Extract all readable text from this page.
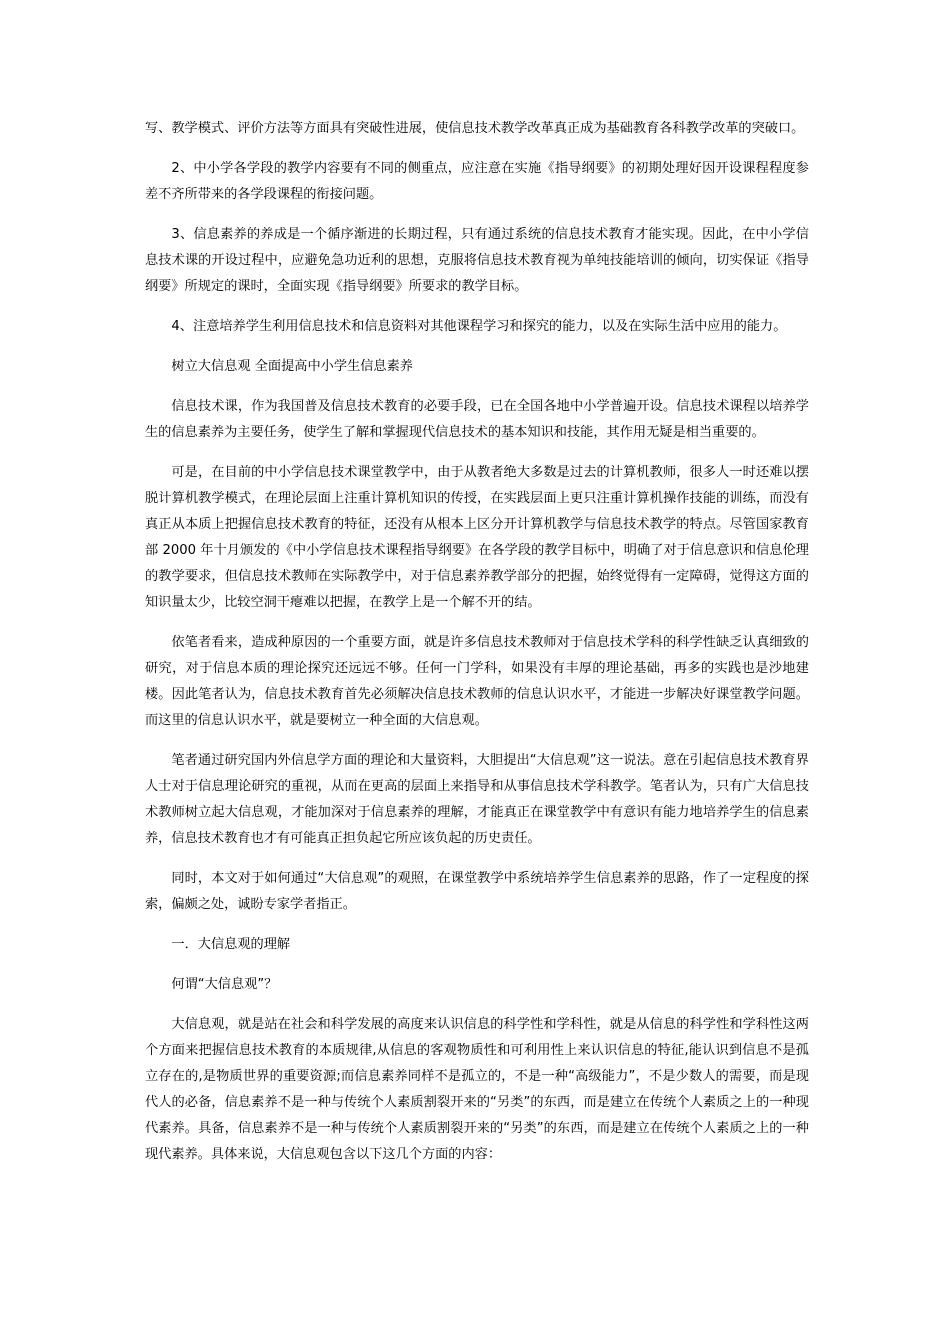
写、教学模式、评价方法等方面具有突破性进展，使信息技术教学改革真正成为基础教育各科教学改革的突破口。

2、中小学各学段的教学内容要有不同的侧重点，应注意在实施《指导纲要》的初期处理好因开设课程程度参差不齐所带来的各学段课程的衔接问题。

3、信息素养的养成是一个循序渐进的长期过程，只有通过系统的信息技术教育才能实现。因此，在中小学信息技术课的开设过程中，应避免急功近利的思想，克服将信息技术教育视为单纯技能培训的倾向，切实保证《指导纲要》所规定的课时，全面实现《指导纲要》所要求的教学目标。

4、注意培养学生利用信息技术和信息资料对其他课程学习和探究的能力，以及在实际生活中应用的能力。

树立大信息观 全面提高中小学生信息素养

信息技术课，作为我国普及信息技术教育的必要手段，已在全国各地中小学普遍开设。信息技术课程以培养学生的信息素养为主要任务，使学生了解和掌握现代信息技术的基本知识和技能，其作用无疑是相当重要的。

可是，在目前的中小学信息技术课堂教学中，由于从教者绝大多数是过去的计算机教师，很多人一时还难以摆脱计算机教学模式，在理论层面上注重计算机知识的传授，在实践层面上更只注重计算机操作技能的训练，而没有真正从本质上把握信息技术教育的特征，还没有从根本上区分开计算机教学与信息技术教学的特点。尽管国家教育部 2000 年十月颁发的《中小学信息技术课程指导纲要》在各学段的教学目标中，明确了对于信息意识和信息伦理的教学要求，但信息技术教师在实际教学中，对于信息素养教学部分的把握，始终觉得有一定障碍，觉得这方面的知识量太少，比较空洞干瘪难以把握，在教学上是一个解不开的结。

依笔者看来，造成种原因的一个重要方面，就是许多信息技术教师对于信息技术学科的科学性缺乏认真细致的研究，对于信息本质的理论探究还远远不够。任何一门学科，如果没有丰厚的理论基础，再多的实践也是沙地建楼。因此笔者认为，信息技术教育首先必须解决信息技术教师的信息认识水平，才能进一步解决好课堂教学问题。而这里的信息认识水平，就是要树立一种全面的大信息观。

笔者通过研究国内外信息学方面的理论和大量资料，大胆提出“大信息观”这一说法。意在引起信息技术教育界人士对于信息理论研究的重视，从而在更高的层面上来指导和从事信息技术学科教学。笔者认为，只有广大信息技术教师树立起大信息观，才能加深对于信息素养的理解，才能真正在课堂教学中有意识有能力地培养学生的信息素养，信息技术教育也才有可能真正担负起它所应该负起的历史责任。

同时，本文对于如何通过“大信息观”的观照，在课堂教学中系统培养学生信息素养的思路，作了一定程度的探索，偏颇之处，诚盼专家学者指正。

一．大信息观的理解

何谓“大信息观”？

大信息观，就是站在社会和科学发展的高度来认识信息的科学性和学科性，就是从信息的科学性和学科性这两个方面来把握信息技术教育的本质规律,从信息的客观物质性和可利用性上来认识信息的特征,能认识到信息不是孤立存在的,是物质世界的重要资源;而信息素养同样不是孤立的，不是一种“高级能力”，不是少数人的需要，而是现代人的必备，信息素养不是一种与传统个人素质割裂开来的“另类”的东西，而是建立在传统个人素质之上的一种现代素养。具备，信息素养不是一种与传统个人素质割裂开来的“另类”的东西，而是建立在传统个人素质之上的一种现代素养。具体来说，大信息观包含以下这几个方面的内容：
